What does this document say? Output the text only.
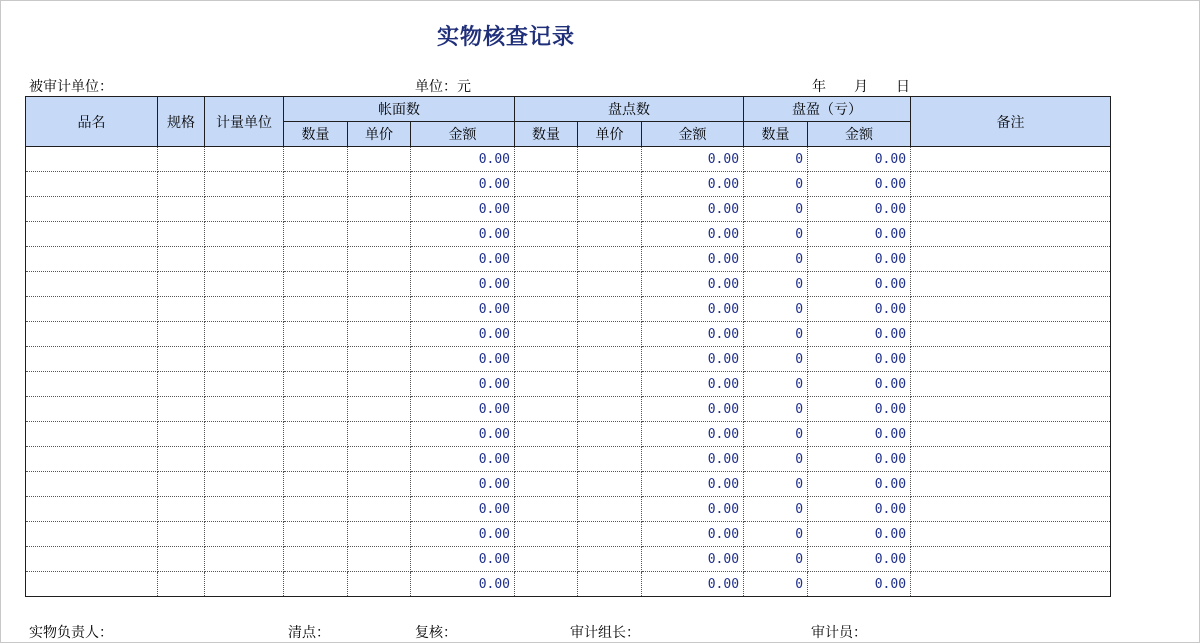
实物核查记录
被审计单位：	单位：元	年 月 日
品名	规格	计量单位	帐面数			盘点数			盘盈（亏）		备注
			数量	单价	金额	数量	单价	金额	数量	金额	
					0.00			0.00	0	0.00	
					0.00			0.00	0	0.00	
					0.00			0.00	0	0.00	
					0.00			0.00	0	0.00	
					0.00			0.00	0	0.00	
					0.00			0.00	0	0.00	
					0.00			0.00	0	0.00	
					0.00			0.00	0	0.00	
					0.00			0.00	0	0.00	
					0.00			0.00	0	0.00	
					0.00			0.00	0	0.00	
					0.00			0.00	0	0.00	
					0.00			0.00	0	0.00	
					0.00			0.00	0	0.00	
					0.00			0.00	0	0.00	
					0.00			0.00	0	0.00	
					0.00			0.00	0	0.00	
					0.00			0.00	0	0.00	
实物负责人：	清点：	复核：	审计组长：	审计员：
